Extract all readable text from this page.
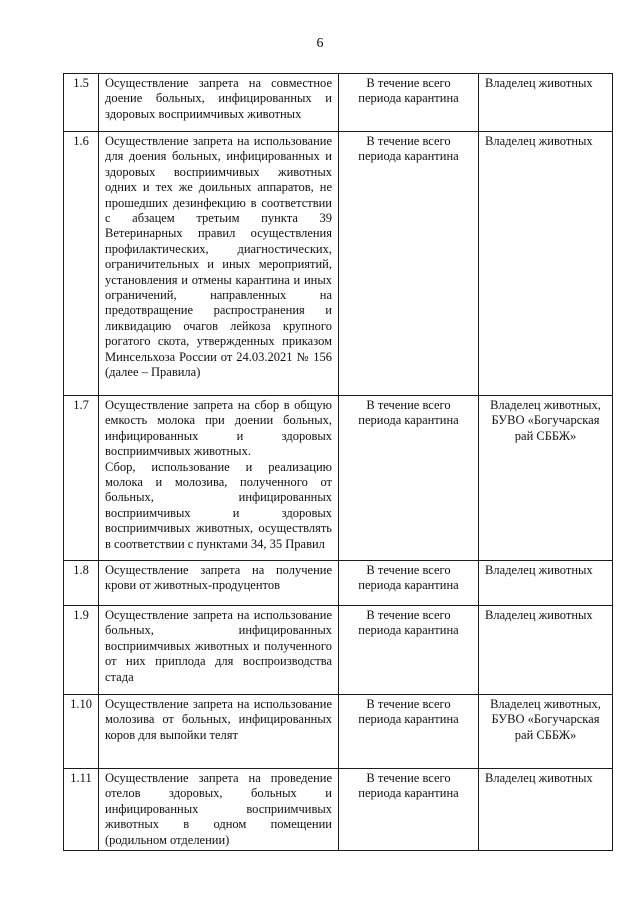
6
1.5	Осуществление запрета на совместное доение больных, инфицированных и здоровых восприимчивых животных	В течение всего периода карантина	Владелец животных
1.6	Осуществление запрета на использование для доения больных, инфицированных и здоровых восприимчивых животных одних и тех же доильных аппаратов, не прошедших дезинфекцию в соответствии с абзацем третьим пункта 39 Ветеринарных правил осуществления профилактических, диагностических, ограничительных и иных мероприятий, установления и отмены карантина и иных ограничений, направленных на предотвращение распространения и ликвидацию очагов лейкоза крупного рогатого скота, утвержденных приказом Минсельхоза России от 24.03.2021 № 156 (далее – Правила)	В течение всего периода карантина	Владелец животных
1.7	Осуществление запрета на сбор в общую емкость молока при доении больных, инфицированных и здоровых восприимчивых животных.
Сбор, использование и реализацию молока и молозива, полученного от больных, инфицированных восприимчивых и здоровых восприимчивых животных, осуществлять в соответствии с пунктами 34, 35 Правил	В течение всего периода карантина	Владелец животных, БУВО «Богучарская рай СББЖ»
1.8	Осуществление запрета на получение крови от животных-продуцентов	В течение всего периода карантина	Владелец животных
1.9	Осуществление запрета на использование больных, инфицированных восприимчивых животных и полученного от них приплода для воспроизводства стада	В течение всего периода карантина	Владелец животных
1.10	Осуществление запрета на использование молозива от больных, инфицированных коров для выпойки телят	В течение всего периода карантина	Владелец животных, БУВО «Богучарская рай СББЖ»
1.11	Осуществление запрета на проведение отелов здоровых, больных и инфицированных восприимчивых животных в одном помещении (родильном отделении)	В течение всего периода карантина	Владелец животных
